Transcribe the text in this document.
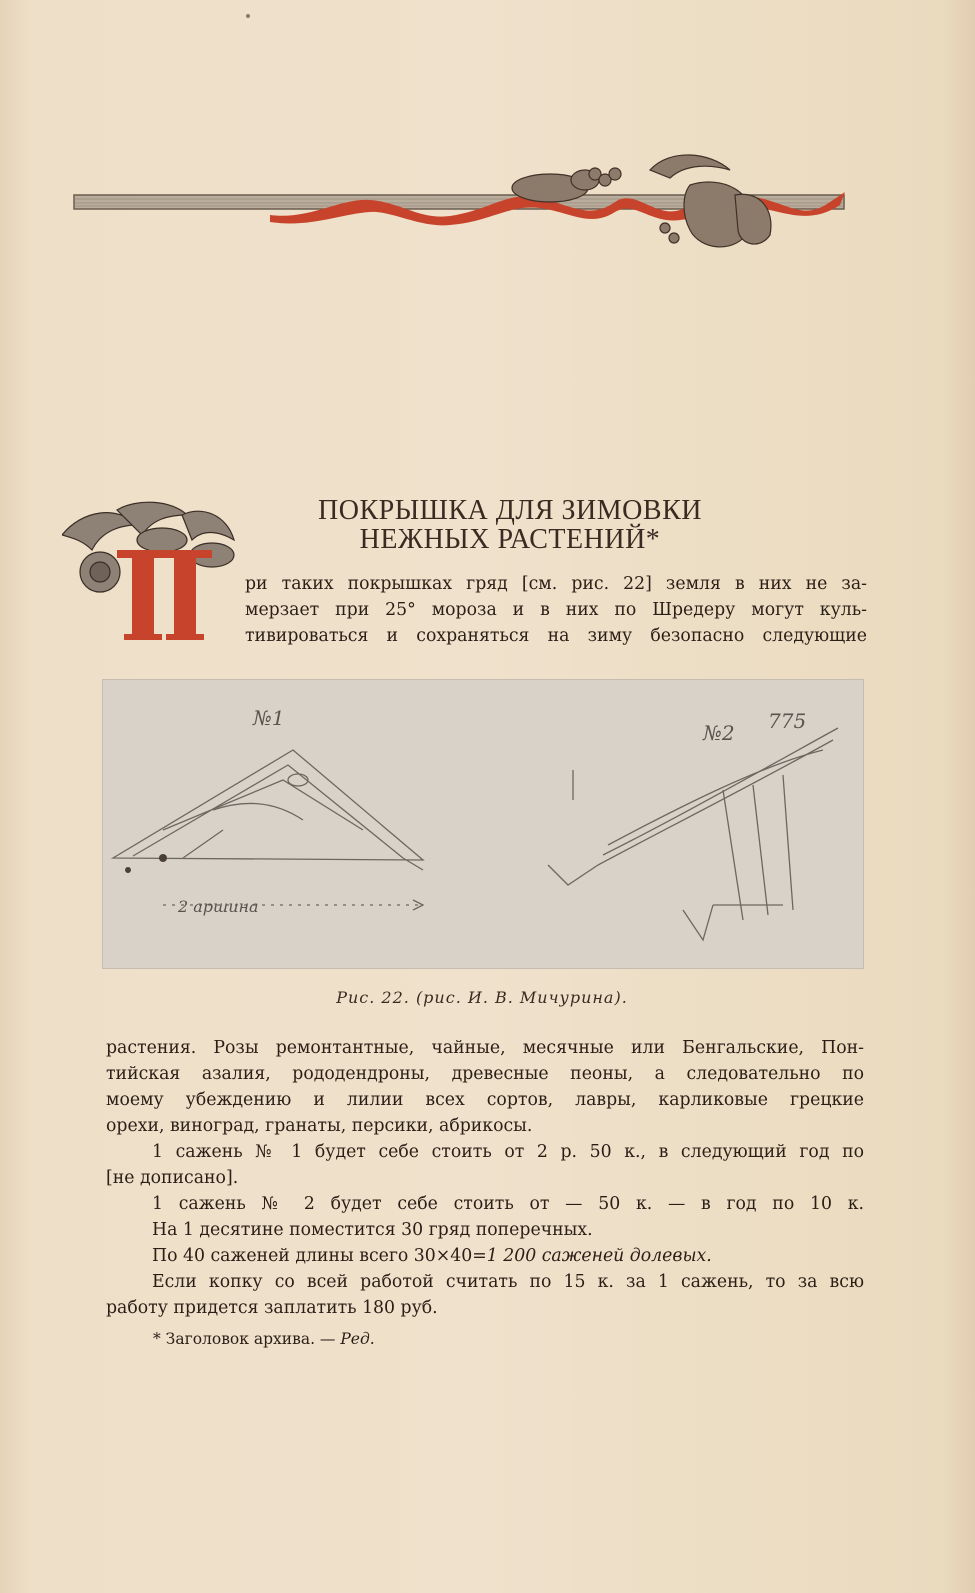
ПОКРЫШКА ДЛЯ ЗИМОВКИ
НЕЖНЫХ РАСТЕНИЙ*
П
ри таких покрышках гряд [см. рис. 22] земля в них не за-
мерзает при 25° мороза и в них по Шредеру могут куль-
тивироваться и сохраняться на зиму безопасно следующие
№1
№2 775
2 аршина
Рис. 22. (рис. И. В. Мичурина).
растения. Розы ремонтантные, чайные, месячные или Бенгальские, Пон-
тийская азалия, рододендроны, древесные пеоны, а следовательно по
моему убеждению и лилии всех сортов, лавры, карликовые грецкие
орехи, виноград, гранаты, персики, абрикосы.
1 сажень № 1 будет себе стоить от 2 р. 50 к., в следующий год по
[не дописано].
1 сажень № 2 будет себе стоить от — 50 к. — в год по 10 к.
На 1 десятине поместится 30 гряд поперечных.
По 40 саженей длины всего 30×40=1 200 саженей долевых.
Если копку со всей работой считать по 15 к. за 1 сажень, то за всю
работу придется заплатить 180 руб.
* Заголовок архива. — Ред.
